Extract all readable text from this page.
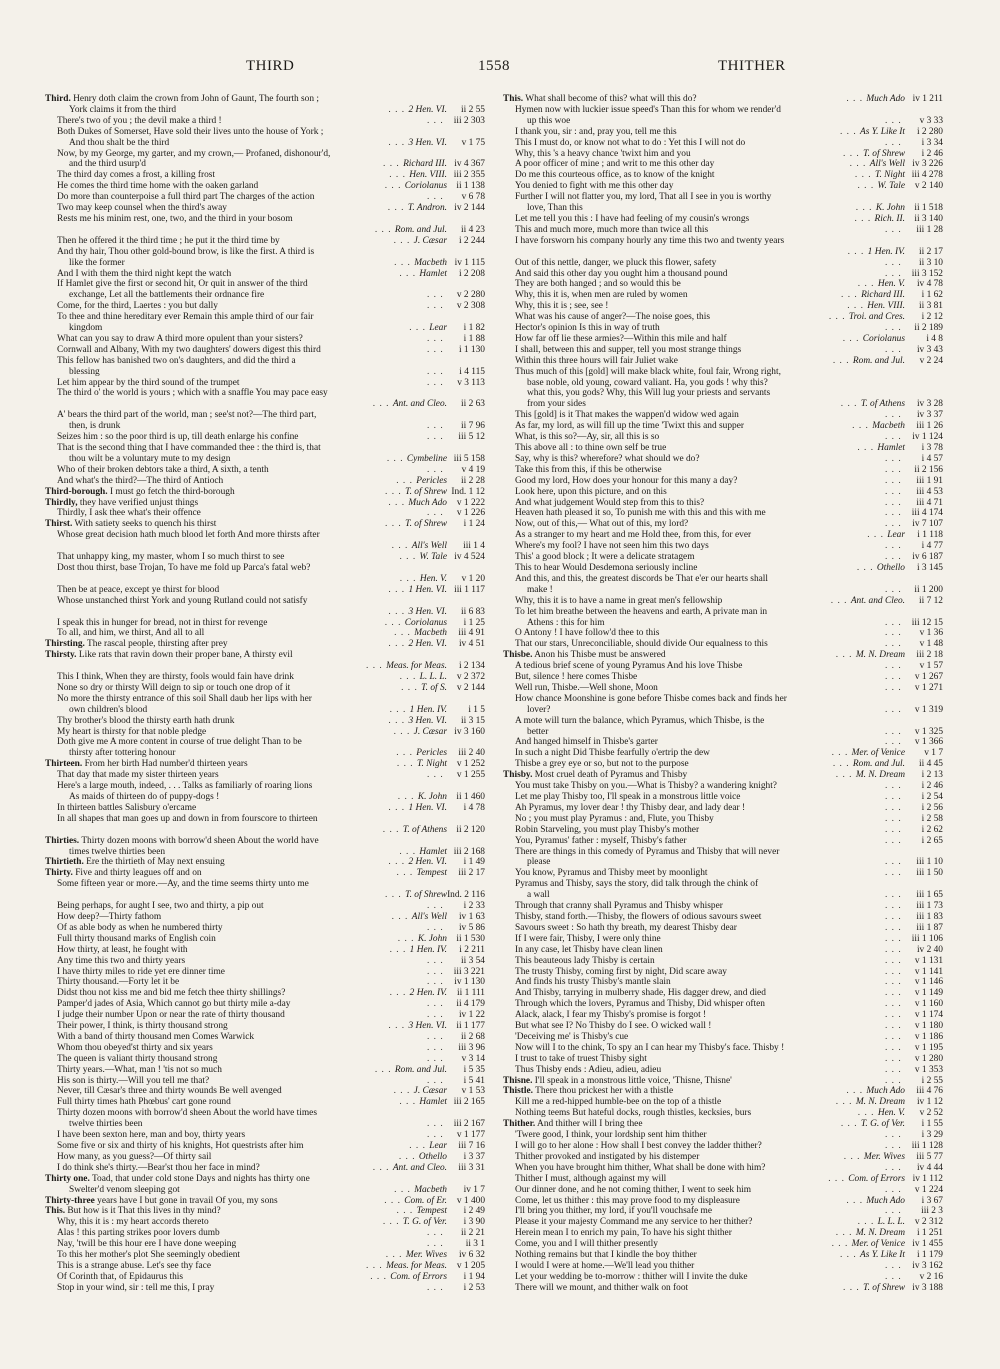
THIRD	1558	THITHER
Third. Henry doth claim the crown from John of Gaunt, The fourth son ;
York claims it from the third	. . . 2 Hen. VI.ii 2 55
There's two of you ; the devil make a third !	. . . iii 2 303
Both Dukes of Somerset, Have sold their lives unto the house of York ;
And thou shalt be the third	. . . 3 Hen. VI.v 1 75
Now, by my George, my garter, and my crown,— Profaned, dishonour'd,
and the third usurp'd	. . . Richard III.iv 4 367
The third day comes a frost, a killing frost	. . . Hen. VIII.iii 2 355
He comes the third time home with the oaken garland	. . . Coriolanusii 1 138
Do more than counterpoise a full third part The charges of the action	. . . v 6 78
Two may keep counsel when the third's away	. . . T. Andron.iv 2 144
Rests me his minim rest, one, two, and the third in your bosom
. . . Rom. and Jul.ii 4 23
Then he offered it the third time ; he put it the third time by	. . . J. Cæsari 2 244
And thy hair, Thou other gold-bound brow, is like the first. A third is
like the former	. . . Macbethiv 1 115
And I with them the third night kept the watch	. . . Hamleti 2 208
If Hamlet give the first or second hit, Or quit in answer of the third
exchange, Let all the battlements their ordnance fire	. . . v 2 280
Come, for the third, Laertes : you but dally	. . . v 2 308
To thee and thine hereditary ever Remain this ample third of our fair
kingdom	. . . Leari 1 82
What can you say to draw A third more opulent than your sisters?	. . . i 1 88
Cornwall and Albany, With my two daughters' dowers digest this third	. . . i 1 130
This fellow has banished two on's daughters, and did the third a
blessing	. . . i 4 115
Let him appear by the third sound of the trumpet	. . . v 3 113
The third o' the world is yours ; which with a snaffle You may pace easy
. . . Ant. and Cleo.ii 2 63
A' bears the third part of the world, man ; see'st not?—The third part,
then, is drunk	. . . ii 7 96
Seizes him : so the poor third is up, till death enlarge his confine	. . . iii 5 12
That is the second thing that I have commanded thee : the third is, that
thou wilt be a voluntary mute to my design	. . . Cymbelineiii 5 158
Who of their broken debtors take a third, A sixth, a tenth	. . . v 4 19
And what's the third?—The third of Antioch	. . . Periclesii 2 28
Third-borough. I must go fetch the third-borough	. . . T. of ShrewInd. 1 12
Thirdly, they have verified unjust things	. . . Much Adov 1 222
Thirdly, I ask thee what's their offence	. . . v 1 226
Thirst. With satiety seeks to quench his thirst	. . . T. of Shrewi 1 24
Whose great decision hath much blood let forth And more thirsts after
. . . All's Welliii 1 4
That unhappy king, my master, whom I so much thirst to see	. . . W. Taleiv 4 524
Dost thou thirst, base Trojan, To have me fold up Parca's fatal web?
. . . Hen. V.v 1 20
Then be at peace, except ye thirst for blood	. . . 1 Hen. VI.iii 1 117
Whose unstanched thirst York and young Rutland could not satisfy
. . . 3 Hen. VI.ii 6 83
I speak this in hunger for bread, not in thirst for revenge	. . . Coriolanusi 1 25
To all, and him, we thirst, And all to all	. . . Macbethiii 4 91
Thirsting. The rascal people, thirsting after prey	. . . 2 Hen. VI.iv 4 51
Thirsty. Like rats that ravin down their proper bane, A thirsty evil
. . . Meas. for Meas.i 2 134
This I think, When they are thirsty, fools would fain have drink	. . . L. L. L.v 2 372
None so dry or thirsty Will deign to sip or touch one drop of it	. . . T. of S.v 2 144
No more the thirsty entrance of this soil Shall daub her lips with her
own children's blood	. . . 1 Hen. IV.i 1 5
Thy brother's blood the thirsty earth hath drunk	. . . 3 Hen. VI.ii 3 15
My heart is thirsty for that noble pledge	. . . J. Cæsariv 3 160
Doth give me A more content in course of true delight Than to be
thirsty after tottering honour	. . . Periclesiii 2 40
Thirteen. From her birth Had number'd thirteen years	. . . T. Nightv 1 252
That day that made my sister thirteen years	. . . v 1 255
Here's a large mouth, indeed, . . . Talks as familiarly of roaring lions
As maids of thirteen do of puppy-dogs !	. . . K. Johnii 1 460
In thirteen battles Salisbury o'ercame	. . . 1 Hen. VI.i 4 78
In all shapes that man goes up and down in from fourscore to thirteen
. . . T. of Athensii 2 120
Thirties. Thirty dozen moons with borrow'd sheen About the world have
times twelve thirties been	. . . Hamletiii 2 168
Thirtieth. Ere the thirtieth of May next ensuing	. . . 2 Hen. VI.i 1 49
Thirty. Five and thirty leagues off and on	. . . Tempestiii 2 17
Some fifteen year or more.—Ay, and the time seems thirty unto me
. . . T. of ShrewInd. 2 116
Being perhaps, for aught I see, two and thirty, a pip out	. . . i 2 33
How deep?—Thirty fathom	. . . All's Welliv 1 63
Of as able body as when he numbered thirty	. . . iv 5 86
Full thirty thousand marks of English coin	. . . K. Johnii 1 530
How thirty, at least, he fought with	. . . 1 Hen. IV.i 2 211
Any time this two and thirty years	. . . ii 3 54
I have thirty miles to ride yet ere dinner time	. . . iii 3 221
Thirty thousand.—Forty let it be	. . . iv 1 130
Didst thou not kiss me and bid me fetch thee thirty shillings?	. . . 2 Hen. IV.ii 1 111
Pamper'd jades of Asia, Which cannot go but thirty mile a-day	. . . ii 4 179
I judge their number Upon or near the rate of thirty thousand	. . . iv 1 22
Their power, I think, is thirty thousand strong	. . . 3 Hen. VI.ii 1 177
With a band of thirty thousand men Comes Warwick	. . . ii 2 68
Whom thou obeyed'st thirty and six years	. . . iii 3 96
The queen is valiant thirty thousand strong	. . . v 3 14
Thirty years.—What, man ! 'tis not so much	. . . Rom. and Jul.i 5 35
His son is thirty.—Will you tell me that?	. . . i 5 41
Never, till Cæsar's three and thirty wounds Be well avenged	. . . J. Cæsarv 1 53
Full thirty times hath Phœbus' cart gone round	. . . Hamletiii 2 165
Thirty dozen moons with borrow'd sheen About the world have times
twelve thirties been	. . . iii 2 167
I have been sexton here, man and boy, thirty years	. . . v 1 177
Some five or six and thirty of his knights, Hot questrists after him	. . . Leariii 7 16
How many, as you guess?—Of thirty sail	. . . Othelloi 3 37
I do think she's thirty.—Bear'st thou her face in mind?	. . . Ant. and Cleo.iii 3 31
Thirty one. Toad, that under cold stone Days and nights has thirty one
Swelter'd venom sleeping got	. . . Macbethiv 1 7
Thirty-three years have I but gone in travail Of you, my sons	. . . Com. of Er.v 1 400
This. But how is it That this lives in thy mind?	. . . Tempesti 2 49
Why, this it is : my heart accords thereto	. . . T. G. of Ver.i 3 90
Alas ! this parting strikes poor lovers dumb	. . . ii 2 21
Nay, 'twill be this hour ere I have done weeping	. . . ii 3 1
To this her mother's plot She seemingly obedient	. . . Mer. Wivesiv 6 32
This is a strange abuse. Let's see thy face	. . . Meas. for Meas.v 1 205
Of Corinth that, of Epidaurus this	. . . Com. of Errorsi 1 94
Stop in your wind, sir : tell me this, I pray	. . . i 2 53
This. What shall become of this? what will this do?	. . . Much Adoiv 1 211
Hymen now with luckier issue speed's Than this for whom we render'd
up this woe	. . . v 3 33
I thank you, sir : and, pray you, tell me this	. . . As Y. Like Iti 2 280
This I must do, or know not what to do : Yet this I will not do	. . . i 3 34
Why, this 's a heavy chance 'twixt him and you	. . . T. of Shrewi 2 46
A poor officer of mine ; and writ to me this other day	. . . All's Welliv 3 226
Do me this courteous office, as to know of the knight	. . . T. Nightiii 4 278
You denied to fight with me this other day	. . . W. Talev 2 140
Further I will not flatter you, my lord, That all I see in you is worthy
love, Than this	. . . K. Johnii 1 518
Let me tell you this : I have had feeling of my cousin's wrongs	. . . Rich. II.ii 3 140
This and much more, much more than twice all this	. . . iii 1 28
I have forsworn his company hourly any time this two and twenty years
. . . 1 Hen. IV.ii 2 17
Out of this nettle, danger, we pluck this flower, safety	. . . ii 3 10
And said this other day you ought him a thousand pound	. . . iii 3 152
They are both hanged ; and so would this be	. . . Hen. V.iv 4 78
Why, this it is, when men are ruled by women	. . . Richard III.i 1 62
Why, this it is ; see, see !	. . . Hen. VIII.ii 3 81
What was his cause of anger?—The noise goes, this	. . . Troi. and Cres.i 2 12
Hector's opinion Is this in way of truth	. . . ii 2 189
How far off lie these armies?—Within this mile and half	. . . Coriolanusi 4 8
I shall, between this and supper, tell you most strange things	. . . iv 3 43
Within this three hours will fair Juliet wake	. . . Rom. and Jul.v 2 24
Thus much of this [gold] will make black white, foul fair, Wrong right,
base noble, old young, coward valiant. Ha, you gods ! why this?
what this, you gods? Why, this Will lug your priests and servants
from your sides	. . . T. of Athensiv 3 28
This [gold] is it That makes the wappen'd widow wed again	. . . iv 3 37
As far, my lord, as will fill up the time 'Twixt this and supper	. . . Macbethiii 1 26
What, is this so?—Ay, sir, all this is so	. . . iv 1 124
This above all : to thine own self be true	. . . Hamleti 3 78
Say, why is this? wherefore? what should we do?	. . . i 4 57
Take this from this, if this be otherwise	. . . ii 2 156
Good my lord, How does your honour for this many a day?	. . . iii 1 91
Look here, upon this picture, and on this	. . . iii 4 53
And what judgement Would step from this to this?	. . . iii 4 71
Heaven hath pleased it so, To punish me with this and this with me	. . . iii 4 174
Now, out of this,— What out of this, my lord?	. . . iv 7 107
As a stranger to my heart and me Hold thee, from this, for ever	. . . Leari 1 118
Where's my fool? I have not seen him this two days	. . . i 4 77
This' a good block ; It were a delicate stratagem	. . . iv 6 187
This to hear Would Desdemona seriously incline	. . . Othelloi 3 145
And this, and this, the greatest discords be That e'er our hearts shall
make !	. . . ii 1 200
Why, this it is to have a name in great men's fellowship	. . . Ant. and Cleo.ii 7 12
To let him breathe between the heavens and earth, A private man in
Athens : this for him	. . . iii 12 15
O Antony ! I have follow'd thee to this	. . . v 1 36
That our stars, Unreconciliable, should divide Our equalness to this	. . . v 1 48
Thisbe. Anon his Thisbe must be answered	. . . M. N. Dreamiii 2 18
A tedious brief scene of young Pyramus And his love Thisbe	. . . v 1 57
But, silence ! here comes Thisbe	. . . v 1 267
Well run, Thisbe.—Well shone, Moon	. . . v 1 271
How chance Moonshine is gone before Thisbe comes back and finds her
lover?	. . . v 1 319
A mote will turn the balance, which Pyramus, which Thisbe, is the
better	. . . v 1 325
And hanged himself in Thisbe's garter	. . . v 1 366
In such a night Did Thisbe fearfully o'ertrip the dew	. . . Mer. of Venicev 1 7
Thisbe a grey eye or so, but not to the purpose	. . . Rom. and Jul.ii 4 45
Thisby. Most cruel death of Pyramus and Thisby	. . . M. N. Dreami 2 13
You must take Thisby on you.—What is Thisby? a wandering knight?	. . . i 2 46
Let me play Thisby too, I'll speak in a monstrous little voice	. . . i 2 54
Ah Pyramus, my lover dear ! thy Thisby dear, and lady dear !	. . . i 2 56
No ; you must play Pyramus : and, Flute, you Thisby	. . . i 2 58
Robin Starveling, you must play Thisby's mother	. . . i 2 62
You, Pyramus' father : myself, Thisby's father	. . . i 2 65
There are things in this comedy of Pyramus and Thisby that will never
please	. . . iii 1 10
You know, Pyramus and Thisby meet by moonlight	. . . iii 1 50
Pyramus and Thisby, says the story, did talk through the chink of
a wall	. . . iii 1 65
Through that cranny shall Pyramus and Thisby whisper	. . . iii 1 73
Thisby, stand forth.—Thisby, the flowers of odious savours sweet	. . . iii 1 83
Savours sweet : So hath thy breath, my dearest Thisby dear	. . . iii 1 87
If I were fair, Thisby, I were only thine	. . . iii 1 106
In any case, let Thisby have clean linen	. . . iv 2 40
This beauteous lady Thisby is certain	. . . v 1 131
The trusty Thisby, coming first by night, Did scare away	. . . v 1 141
And finds his trusty Thisby's mantle slain	. . . v 1 146
And Thisby, tarrying in mulberry shade, His dagger drew, and died	. . . v 1 149
Through which the lovers, Pyramus and Thisby, Did whisper often	. . . v 1 160
Alack, alack, I fear my Thisby's promise is forgot !	. . . v 1 174
But what see I? No Thisby do I see. O wicked wall !	. . . v 1 180
'Deceiving me' is Thisby's cue	. . . v 1 186
Now will I to the chink, To spy an I can hear my Thisby's face. Thisby !	. . . v 1 195
I trust to take of truest Thisby sight	. . . v 1 280
Thus Thisby ends : Adieu, adieu, adieu	. . . v 1 353
Thisne. I'll speak in a monstrous little voice, 'Thisne, Thisne'	. . . i 2 55
Thistle. There thou prickest her with a thistle	. . . Much Adoiii 4 76
Kill me a red-hipped humble-bee on the top of a thistle	. . . M. N. Dreamiv 1 12
Nothing teems But hateful docks, rough thistles, kecksies, burs	. . . Hen. V.v 2 52
Thither. And thither will I bring thee	. . . T. G. of Ver.i 1 55
'Twere good, I think, your lordship sent him thither	. . . i 3 29
I will go to her alone : How shall I best convey the ladder thither?	. . . iii 1 128
Thither provoked and instigated by his distemper	. . . Mer. Wivesiii 5 77
When you have brought him thither, What shall be done with him?	. . . iv 4 44
Thither I must, although against my will	. . . Com. of Errorsiv 1 112
Our dinner done, and he not coming thither, I went to seek him	. . . v 1 224
Come, let us thither : this may prove food to my displeasure	. . . Much Adoi 3 67
I'll bring you thither, my lord, if you'll vouchsafe me	. . . iii 2 3
Please it your majesty Command me any service to her thither?	. . . L. L. L.v 2 312
Herein mean I to enrich my pain, To have his sight thither	. . . M. N. Dreami 1 251
Come, you and I will thither presently	. . . Mer. of Veniceiv 1 455
Nothing remains but that I kindle the boy thither	. . . As Y. Like Iti 1 179
I would I were at home.—We'll lead you thither	. . . iv 3 162
Let your wedding be to-morrow : thither will I invite the duke	. . . v 2 16
There will we mount, and thither walk on foot	. . . T. of Shrewiv 3 188
